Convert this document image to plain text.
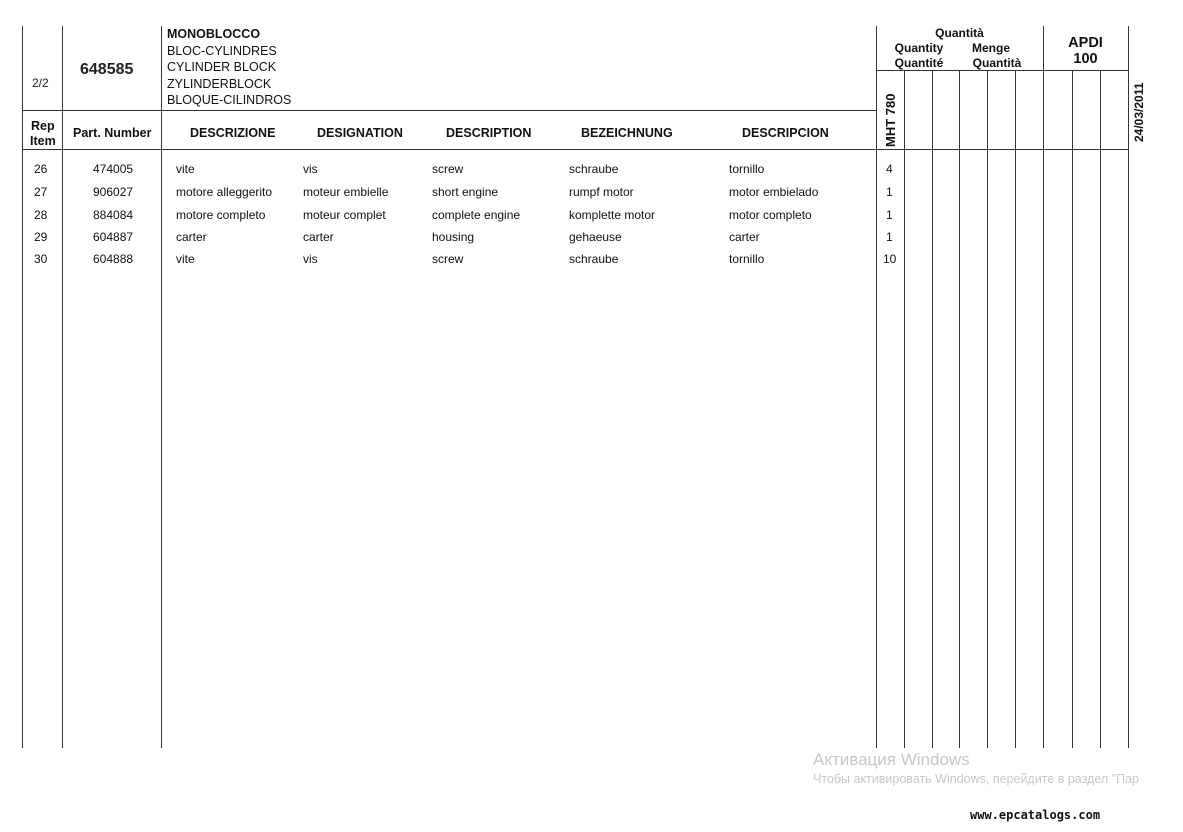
2/2
648585
MONOBLOCCO
BLOC-CYLINDRES
CYLINDER BLOCK
ZYLINDERBLOCK
BLOQUE-CILINDROS
Quantità
Quantity	Menge
Quantité	Quantità
APDI
100
MHT 780	24/03/2011
Rep
Item
Part. Number	DESCRIZIONE	DESIGNATION	DESCRIPTION	BEZEICHNUNG	DESCRIPCION
26	474005	vite	vis	screw	schraube	tornillo	4
27	906027	motore alleggerito	moteur embielle	short engine	rumpf motor	motor embielado	1
28	884084	motore completo	moteur complet	complete engine	komplette motor	motor completo	1
29	604887	carter	carter	housing	gehaeuse	carter	1
30	604888	vite	vis	screw	schraube	tornillo	10
Активация Windows
Чтобы активировать Windows, перейдите в раздел "Пар
www.epcatalogs.com
